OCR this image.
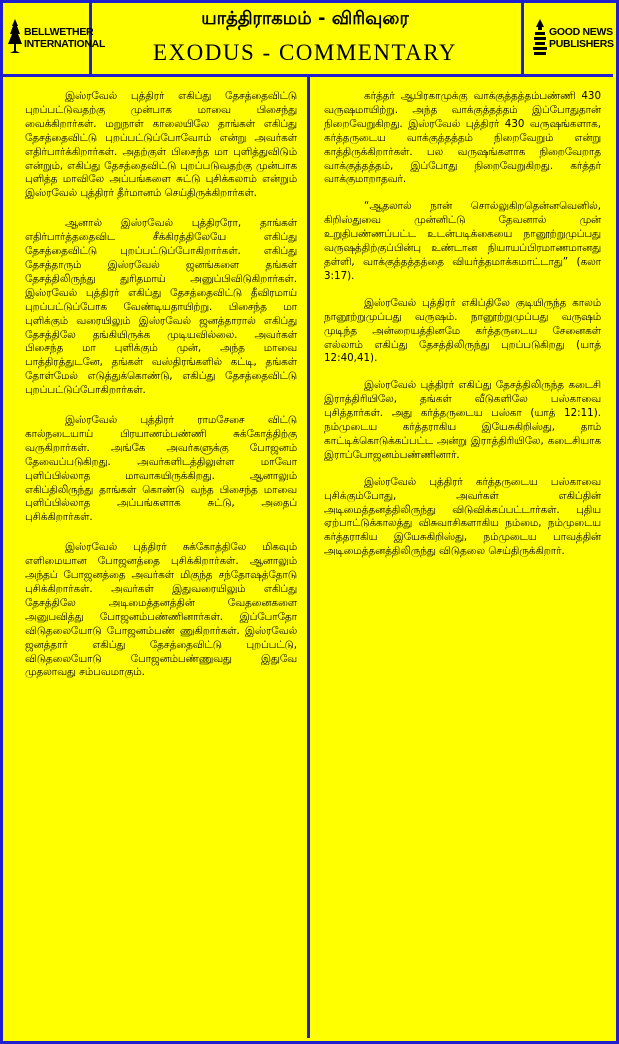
BELLWETHER
INTERNATIONAL
யாத்திராகமம் - விரிவுரை
EXODUS - COMMENTARY
GOOD NEWS
PUBLISHERS

இஸ்ரவேல் புத்திரர் எகிப்து தேசத்தைவிட்டு புறப்பட்டுவதற்கு முன்பாக மாவை பிசைந்து வைக்கிறார்கள். மறுநாள் காலையிலே தாங்கள் எகிப்து தேசத்தைவிட்டு புறப்பட்டுப்போவோம் என்று அவர்கள் எதிர்பார்க்கிறார்கள். அதற்குள் பிசைந்த மா புளித்துவிடும் என்றும், எகிப்து தேசத்தைவிட்டு புறப்படுவதற்கு முன்பாக புளித்த மாவிலே அப்பங்களை சுட்டு புசிக்கலாம் என்றும் இஸ்ரவேல் புத்திரர் தீர்மானம் செய்திருக்கிறார்கள்.

ஆனால் இஸ்ரவேல் புத்திரரோ, தாங்கள் எதிர்பார்த்ததைவிட சீக்கிரத்திலேயே எகிப்து தேசத்தைவிட்டு புறப்பட்டுப்போகிறார்கள். எகிப்து தேசத்தாரும் இஸ்ரவேல் ஜனங்களை தங்கள் தேசத்திலிருந்து துரிதமாய் அனுப்பிவிடுகிறார்கள். இஸ்ரவேல் புத்திரர் எகிப்து தேசத்தைவிட்டு தீவிரமாய் புறப்பட்டுப்போக வேண்டியதாயிற்று. பிசைந்த மா புளிக்கும் வரையிலும் இஸ்ரவேல் ஜனத்தாரால் எகிப்து தேசத்திலே தங்கியிருக்க முடியவில்லை. அவர்கள் பிசைந்த மா புளிக்கும் முன், அந்த மாவை பாத்திரத்துடனே, தங்கள் வஸ்திரங்களில் கட்டி, தங்கள் தோள்மேல் எடுத்துக்கொண்டு, எகிப்து தேசத்தைவிட்டு புறப்பட்டுப்போகிறார்கள்.

இஸ்ரவேல் புத்திரர் ராமசேசை விட்டு கால்நடையாய் பிரயாணம்பண்ணி சுக்கோத்திற்கு வருகிறார்கள். அங்கே அவர்களுக்கு போஜனம் தேவைப்படுகிறது. அவர்களிடத்திலுள்ள மாவோ புளிப்பில்லாத மாவாகயிருக்கிறது. ஆனாலும் எகிப்திலிருந்து தாங்கள் கொண்டு வந்த பிசைந்த மாவை புளிப்பில்லாத அப்பங்களாக சுட்டு, அதைப் புசிக்கிறார்கள்.

இஸ்ரவேல் புத்திரர் சுக்கோத்திலே மிகவும் எளிமையான போஜனத்தை புசிக்கிறார்கள். ஆனாலும் அந்தப் போஜனத்தை அவர்கள் மிகுந்த சந்தோஷத்தோடு புசிக்கிறார்கள். அவர்கள் இதுவரையிலும் எகிப்து தேசத்திலே அடிமைத்தனத்தின் வேதனைகளை அனுபவித்து போஜனம்பண்ணினார்கள். இப்போதோ விடுதலையோடு போஜனம்பண் ணுகிறார்கள். இஸ்ரவேல் ஜனத்தார் எகிப்து தேசத்தைவிட்டு புறப்பட்டு, விடுதலையோடு போஜனம்பண்ணுவது இதுவே முதலாவது சம்பவமாகும்.

கர்த்தர் ஆபிரகாமுக்கு வாக்குத்தத்தம்பண்ணி 430 வருஷமாயிற்று. அந்த வாக்குத்தத்தம் இப்போதுதான் நிறைவேறுகிறது. இஸ்ரவேல் புத்திரர் 430 வருஷங்களாக, கர்த்தருடைய வாக்குத்தத்தம் நிறைவேறும் என்று காத்திருக்கிறார்கள். பல வருஷங்களாக நிறைவேறாத வாக்குத்தத்தம், இப்போது நிறைவேறுகிறது. கர்த்தர் வாக்குமாறாதவர்.

“ஆதலால் நான் சொல்லுகிறதென்னவெனில், கிறிஸ்துவை முன்னிட்டு தேவனால் முன் உறுதிபண்ணப்பட்ட உடன்படிக்கையை நானூற்றுமுப்பது வருஷத்திற்குப்பின்பு உண்டான நியாயப்பிரமாணமானது தள்ளி, வாக்குத்தத்தத்தை வியர்த்தமாக்கமாட்டாது” (கலா 3:17).

இஸ்ரவேல் புத்திரர் எகிப்திலே குடியிருந்த காலம் நானூற்றுமுப்பது வருஷம். நானூற்றுமுப்பது வருஷம் முடிந்த அன்றையத்தினமே கர்த்தருடைய சேனைகள் எல்லாம் எகிப்து தேசத்திலிருந்து புறப்படுகிறது (யாத் 12:40,41).

இஸ்ரவேல் புத்திரர் எகிப்து தேசத்திலிருந்த கடைசி இராத்திரியிலே, தங்கள் வீடுகளிலே பஸ்காவை புசித்தார்கள். அது கர்த்தருடைய பஸ்கா (யாத் 12:11). நம்முடைய கர்த்தராகிய இயேசுகிறிஸ்து, தாம் காட்டிக்கொடுக்கப்பட்ட அன்று இராத்திரியிலே, கடைசியாக இராப்போஜனம்பண்ணினார்.

இஸ்ரவேல் புத்திரர் கர்த்தருடைய பஸ்காவை புசிக்கும்போது, அவர்கள் எகிப்தின் அடிமைத்தனத்திலிருந்து விடுவிக்கப்பட்டார்கள். புதிய ஏற்பாட்டுக்காலத்து விசுவாசிகளாகிய நம்மை, நம்முடைய கர்த்தராகிய இயேசுகிறிஸ்து, நம்முடைய பாவத்தின் அடிமைத்தனத்திலிருந்து விடுதலை செய்திருக்கிறார்.
